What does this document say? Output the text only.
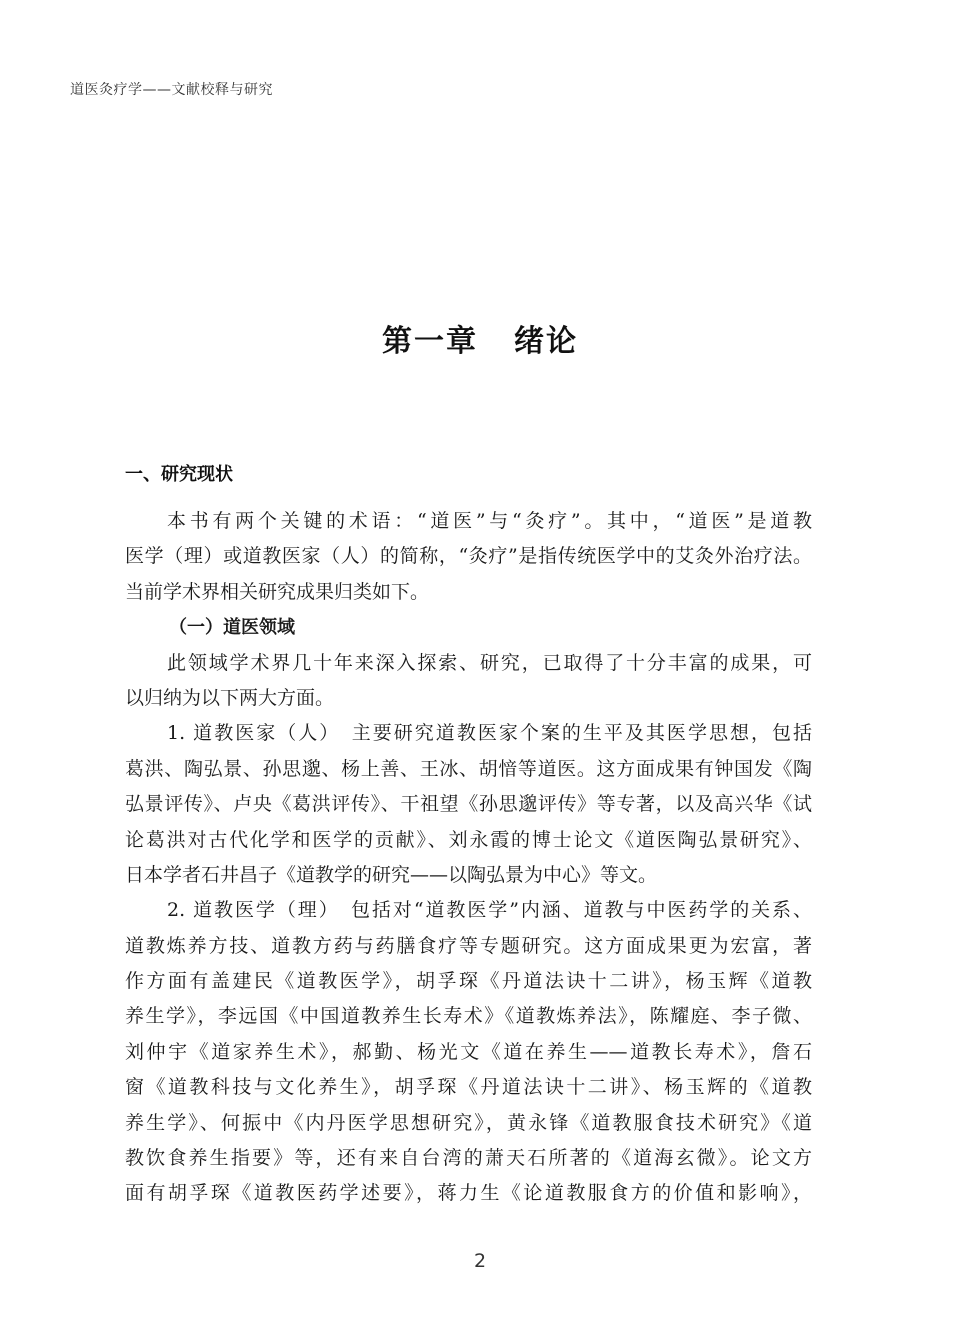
道医灸疗学——文献校释与研究
第一章 绪论
一、研究现状
本书有两个关键的术语：“道医”与“灸疗”。其中，“道医”是道教
医学（理）或道教医家（人）的简称，“灸疗”是指传统医学中的艾灸外治疗法。
当前学术界相关研究成果归类如下。
（一）道医领域
此领域学术界几十年来深入探索、研究，已取得了十分丰富的成果，可
以归纳为以下两大方面。
1. 道教医家（人）　主要研究道教医家个案的生平及其医学思想，包括
葛洪、陶弘景、孙思邈、杨上善、王冰、胡愔等道医。这方面成果有钟国发《陶
弘景评传》、卢央《葛洪评传》、干祖望《孙思邈评传》等专著，以及高兴华《试
论葛洪对古代化学和医学的贡献》、刘永霞的博士论文《道医陶弘景研究》、
日本学者石井昌子《道教学的研究——以陶弘景为中心》等文。
2. 道教医学（理）　包括对“道教医学”内涵、道教与中医药学的关系、
道教炼养方技、道教方药与药膳食疗等专题研究。这方面成果更为宏富，著
作方面有盖建民《道教医学》，胡孚琛《丹道法诀十二讲》，杨玉辉《道教
养生学》，李远国《中国道教养生长寿术》《道教炼养法》，陈耀庭、李子微、
刘仲宇《道家养生术》，郝勤、杨光文《道在养生——道教长寿术》，詹石
窗《道教科技与文化养生》，胡孚琛《丹道法诀十二讲》、杨玉辉的《道教
养生学》、何振中《内丹医学思想研究》，黄永锋《道教服食技术研究》《道
教饮食养生指要》等，还有来自台湾的萧天石所著的《道海玄微》。论文方
面有胡孚琛《道教医药学述要》，蒋力生《论道教服食方的价值和影响》，
2
